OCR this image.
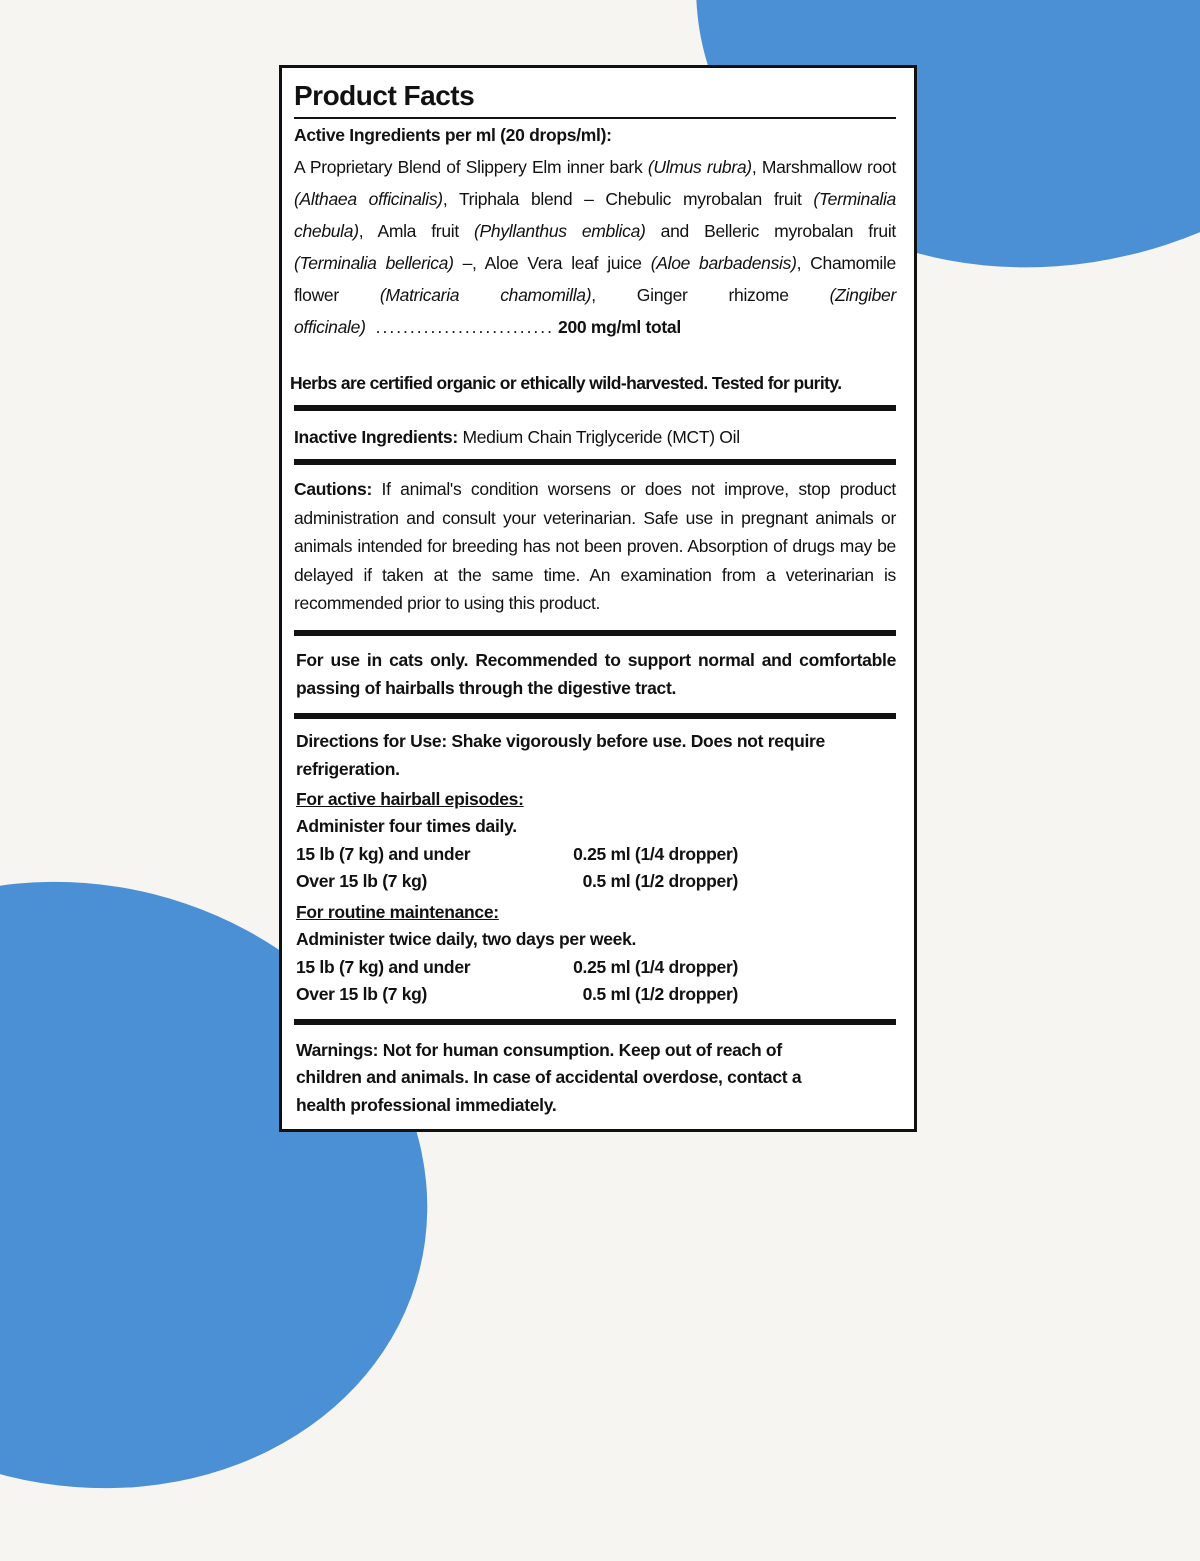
Product Facts
Active Ingredients per ml (20 drops/ml):
A Proprietary Blend of Slippery Elm inner bark (Ulmus rubra), Marshmallow root (Althaea officinalis), Triphala blend – Chebulic myrobalan fruit (Terminalia chebula), Amla fruit (Phyllanthus emblica) and Belleric myrobalan fruit (Terminalia bellerica) –, Aloe Vera leaf juice (Aloe barbadensis), Chamomile flower (Matricaria chamomilla), Ginger rhizome (Zingiber officinale) .......................... 200 mg/ml total
Herbs are certified organic or ethically wild-harvested. Tested for purity.
Inactive Ingredients: Medium Chain Triglyceride (MCT) Oil
Cautions: If animal's condition worsens or does not improve, stop product administration and consult your veterinarian. Safe use in pregnant animals or animals intended for breeding has not been proven. Absorption of drugs may be delayed if taken at the same time. An examination from a veterinarian is recommended prior to using this product.
For use in cats only. Recommended to support normal and comfortable passing of hairballs through the digestive tract.
Directions for Use: Shake vigorously before use. Does not require refrigeration.
For active hairball episodes:
Administer four times daily.
15 lb (7 kg) and under	0.25 ml (1/4 dropper)
Over 15 lb (7 kg)	0.5 ml (1/2 dropper)
For routine maintenance:
Administer twice daily, two days per week.
15 lb (7 kg) and under	0.25 ml (1/4 dropper)
Over 15 lb (7 kg)	0.5 ml (1/2 dropper)
Warnings: Not for human consumption. Keep out of reach of children and animals. In case of accidental overdose, contact a health professional immediately.
